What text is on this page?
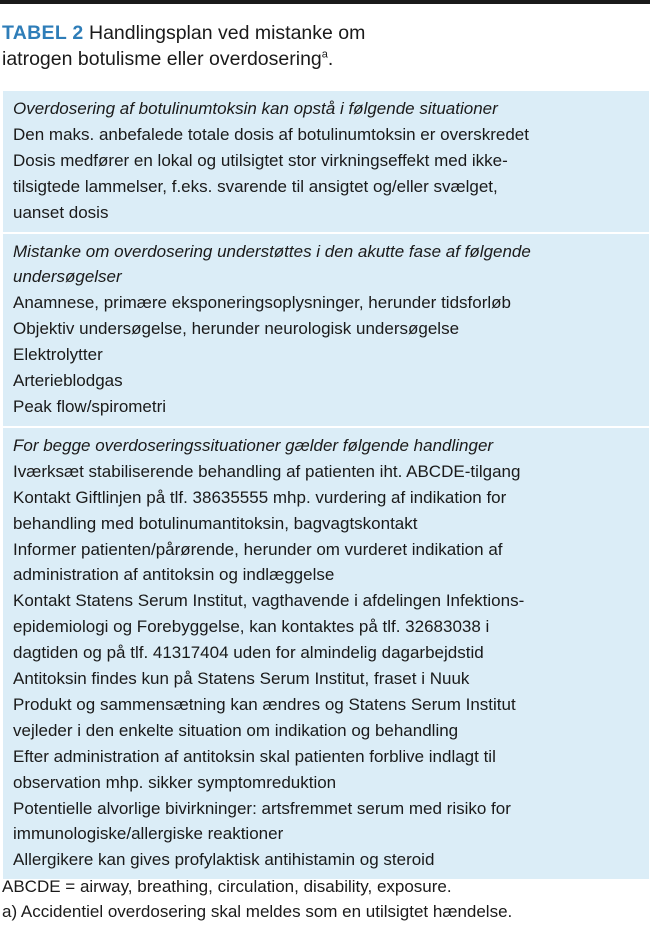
TABEL 2 Handlingsplan ved mistanke om
iatrogen botulisme eller overdosering$^a$.
Overdosering af botulinumtoksin kan opstå i følgende situationer
Den maks. anbefalede totale dosis af botulinumtoksin er overskredet
Dosis medfører en lokal og utilsigtet stor virkningseffekt med ikke-
tilsigtede lammelser, f.eks. svarende til ansigtet og/eller svælget,
uanset dosis
Mistanke om overdosering understøttes i den akutte fase af følgende
undersøgelser
Anamnese, primære eksponeringsoplysninger, herunder tidsforløb
Objektiv undersøgelse, herunder neurologisk undersøgelse
Elektrolytter
Arterieblodgas
Peak flow/spirometri
For begge overdoseringssituationer gælder følgende handlinger
Iværksæt stabiliserende behandling af patienten iht. ABCDE-tilgang
Kontakt Giftlinjen på tlf. 38635555 mhp. vurdering af indikation for
behandling med botulinumantitoksin, bagvagtskontakt
Informer patienten/pårørende, herunder om vurderet indikation af
administration af antitoksin og indlæggelse
Kontakt Statens Serum Institut, vagthavende i afdelingen Infektions-
epidemiologi og Forebyggelse, kan kontaktes på tlf. 32683038 i
dagtiden og på tlf. 41317404 uden for almindelig dagarbejdstid
Antitoksin findes kun på Statens Serum Institut, fraset i Nuuk
Produkt og sammensætning kan ændres og Statens Serum Institut
vejleder i den enkelte situation om indikation og behandling
Efter administration af antitoksin skal patienten forblive indlagt til
observation mhp. sikker symptomreduktion
Potentielle alvorlige bivirkninger: artsfremmet serum med risiko for
immunologiske/allergiske reaktioner
Allergikere kan gives profylaktisk antihistamin og steroid
ABCDE = airway, breathing, circulation, disability, exposure.
a) Accidentiel overdosering skal meldes som en utilsigtet hændelse.
